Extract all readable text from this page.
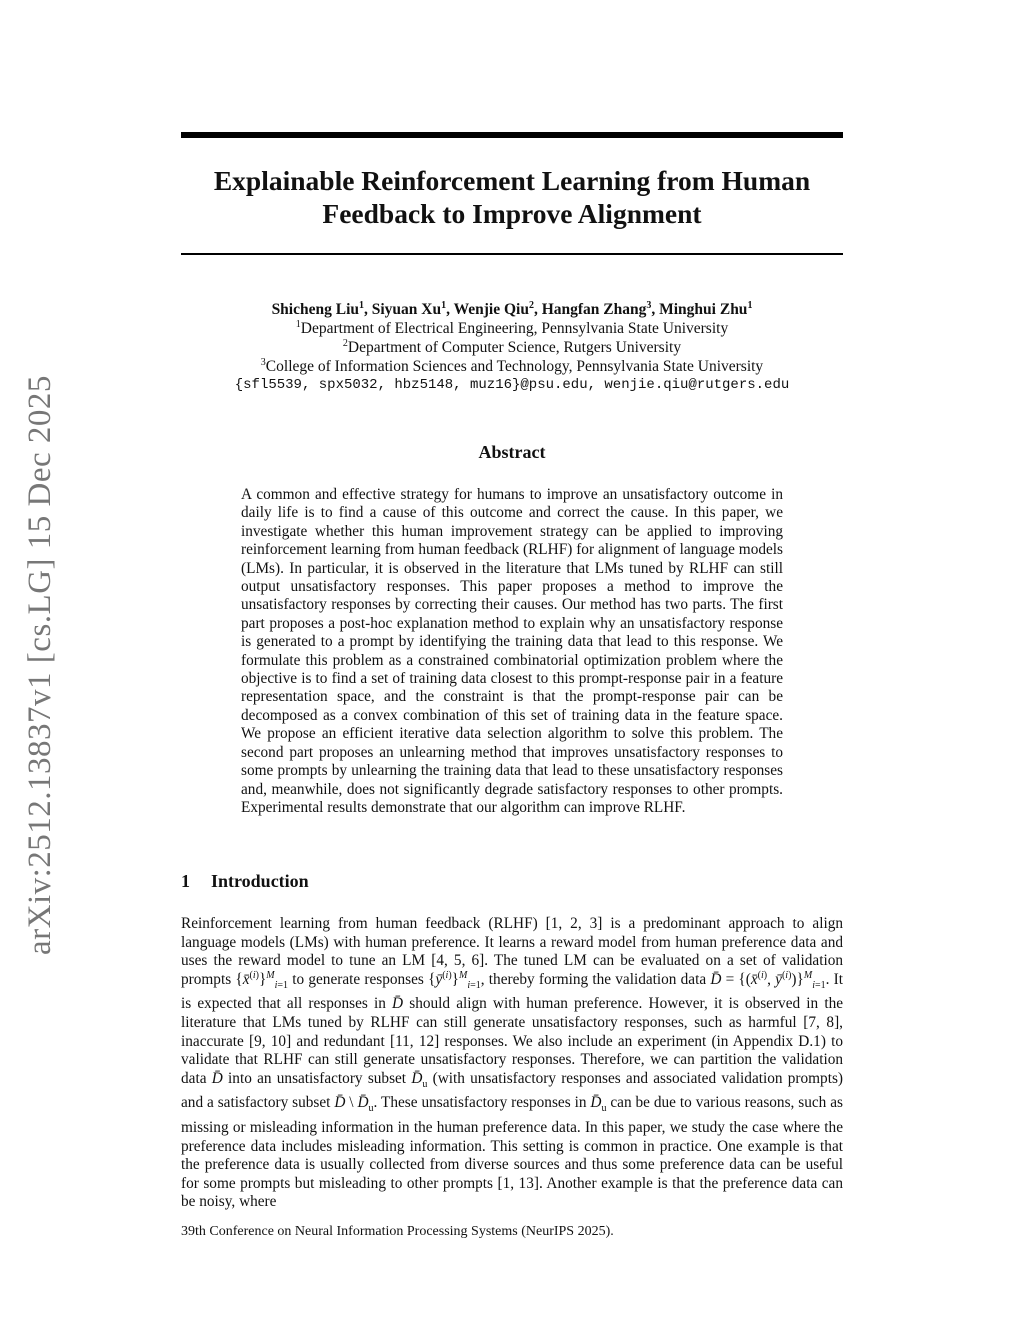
arXiv:2512.13837v1 [cs.LG] 15 Dec 2025
Explainable Reinforcement Learning from Human
Feedback to Improve Alignment
Shicheng Liu$^1$, Siyuan Xu$^1$, Wenjie Qiu$^2$, Hangfan Zhang$^3$, Minghui Zhu$^1$
$^1$Department of Electrical Engineering, Pennsylvania State University
$^2$Department of Computer Science, Rutgers University
$^3$College of Information Sciences and Technology, Pennsylvania State University
{sfl5539, spx5032, hbz5148, muz16}@psu.edu, wenjie.qiu@rutgers.edu
Abstract
A common and effective strategy for humans to improve an unsatisfactory outcome in daily life is to find a cause of this outcome and correct the cause. In this paper, we investigate whether this human improvement strategy can be applied to improving reinforcement learning from human feedback (RLHF) for alignment of language models (LMs). In particular, it is observed in the literature that LMs tuned by RLHF can still output unsatisfactory responses. This paper proposes a method to improve the unsatisfactory responses by correcting their causes. Our method has two parts. The first part proposes a post-hoc explanation method to explain why an unsatisfactory response is generated to a prompt by identifying the training data that lead to this response. We formulate this problem as a constrained combinatorial optimization problem where the objective is to find a set of training data closest to this prompt-response pair in a feature representation space, and the constraint is that the prompt-response pair can be decomposed as a convex combination of this set of training data in the feature space. We propose an efficient iterative data selection algorithm to solve this problem. The second part proposes an unlearning method that improves unsatisfactory responses to some prompts by unlearning the training data that lead to these unsatisfactory responses and, meanwhile, does not significantly degrade satisfactory responses to other prompts. Experimental results demonstrate that our algorithm can improve RLHF.
1 Introduction
Reinforcement learning from human feedback (RLHF) [1, 2, 3] is a predominant approach to align language models (LMs) with human preference. It learns a reward model from human preference data and uses the reward model to tune an LM [4, 5, 6]. The tuned LM can be evaluated on a set of validation prompts {x̄$^{(i)}$}$^M_{i=1}$ to generate responses $\{ȳ^{(i)}\}^M_{i=1}$, thereby forming the validation data D̄ = {(x̄$^{(i)}$, $ȳ^{(i)})\}^M_{i=1}$. It is expected that all responses in D̄ should align with human preference. However, it is observed in the literature that LMs tuned by RLHF can still generate unsatisfactory responses, such as harmful [7, 8], inaccurate [9, 10] and redundant [11, 12] responses. We also include an experiment (in Appendix D.1) to validate that RLHF can still generate unsatisfactory responses. Therefore, we can partition the validation data D̄ into an unsatisfactory subset $D̄_u$ (with unsatisfactory responses and associated validation prompts) and a satisfactory subset D̄ \ $D̄_u$. These unsatisfactory responses in $D̄_u$ can be due to various reasons, such as missing or misleading information in the human preference data. In this paper, we study the case where the preference data includes misleading information. This setting is common in practice. One example is that the preference data is usually collected from diverse sources and thus some preference data can be useful for some prompts but misleading to other prompts [1, 13]. Another example is that the preference data can be noisy, where
39th Conference on Neural Information Processing Systems (NeurIPS 2025).
